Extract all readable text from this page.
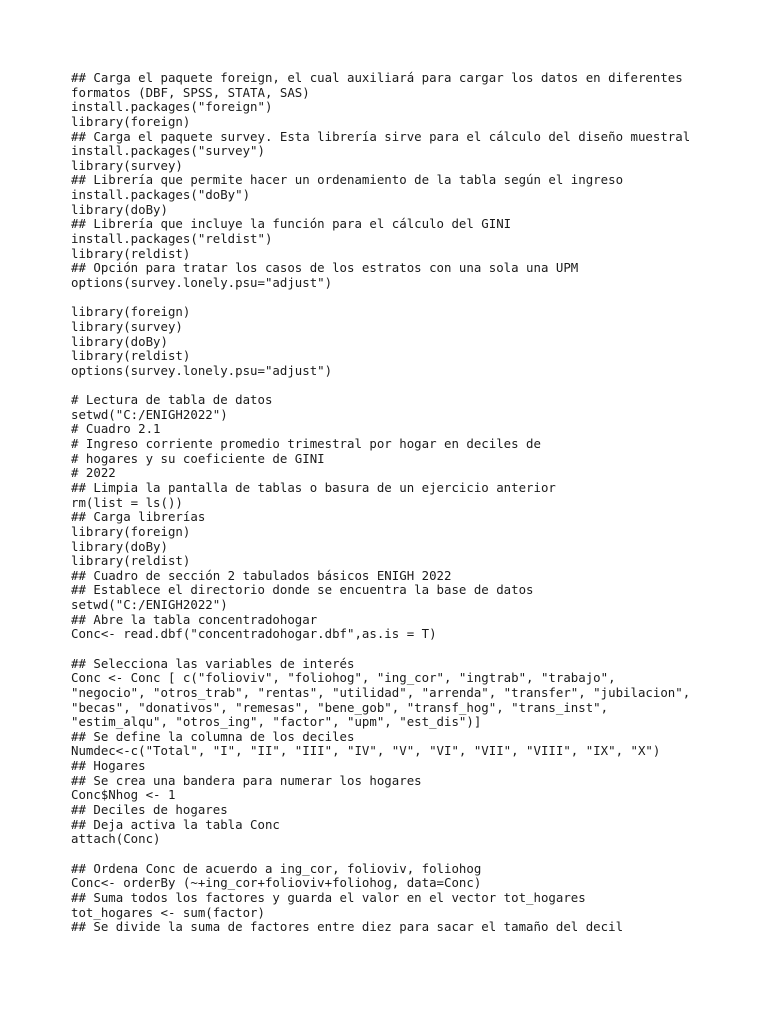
## Carga el paquete foreign, el cual auxiliará para cargar los datos en diferentes
formatos (DBF, SPSS, STATA, SAS)
install.packages("foreign")
library(foreign)
## Carga el paquete survey. Esta librería sirve para el cálculo del diseño muestral
install.packages("survey")
library(survey)
## Librería que permite hacer un ordenamiento de la tabla según el ingreso
install.packages("doBy")
library(doBy)
## Librería que incluye la función para el cálculo del GINI
install.packages("reldist")
library(reldist)
## Opción para tratar los casos de los estratos con una sola una UPM
options(survey.lonely.psu="adjust")
library(foreign)
library(survey)
library(doBy)
library(reldist)
options(survey.lonely.psu="adjust")
# Lectura de tabla de datos
setwd("C:/ENIGH2022")
# Cuadro 2.1
# Ingreso corriente promedio trimestral por hogar en deciles de
# hogares y su coeficiente de GINI
# 2022
## Limpia la pantalla de tablas o basura de un ejercicio anterior
rm(list = ls())
## Carga librerías
library(foreign)
library(doBy)
library(reldist)
## Cuadro de sección 2 tabulados básicos ENIGH 2022
## Establece el directorio donde se encuentra la base de datos
setwd("C:/ENIGH2022")
## Abre la tabla concentradohogar
Conc<- read.dbf("concentradohogar.dbf",as.is = T)
## Selecciona las variables de interés
Conc <- Conc [ c("folioviv", "foliohog", "ing_cor", "ingtrab", "trabajo",
"negocio", "otros_trab", "rentas", "utilidad", "arrenda", "transfer", "jubilacion",
"becas", "donativos", "remesas", "bene_gob", "transf_hog", "trans_inst",
"estim_alqu", "otros_ing", "factor", "upm", "est_dis")]
## Se define la columna de los deciles
Numdec<-c("Total", "I", "II", "III", "IV", "V", "VI", "VII", "VIII", "IX", "X")
## Hogares
## Se crea una bandera para numerar los hogares
Conc$Nhog <- 1
## Deciles de hogares
## Deja activa la tabla Conc
attach(Conc)
## Ordena Conc de acuerdo a ing_cor, folioviv, foliohog
Conc<- orderBy (~+ing_cor+folioviv+foliohog, data=Conc)
## Suma todos los factores y guarda el valor en el vector tot_hogares
tot_hogares <- sum(factor)
## Se divide la suma de factores entre diez para sacar el tamaño del decil
